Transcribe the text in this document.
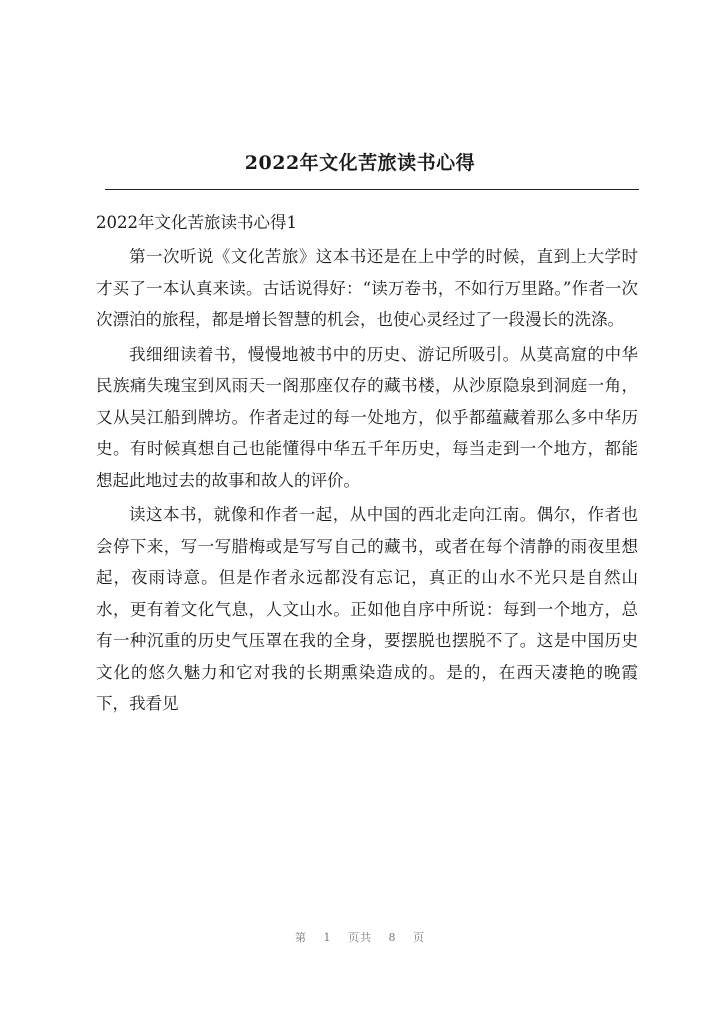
2022年文化苦旅读书心得

2022年文化苦旅读书心得1

第一次听说《文化苦旅》这本书还是在上中学的时候，直到上大学时才买了一本认真来读。古话说得好：“读万卷书，不如行万里路。”作者一次次漂泊的旅程，都是增长智慧的机会，也使心灵经过了一段漫长的洗涤。

我细细读着书，慢慢地被书中的历史、游记所吸引。从莫高窟的中华民族痛失瑰宝到风雨天一阁那座仅存的藏书楼，从沙原隐泉到洞庭一角，又从吴江船到牌坊。作者走过的每一处地方，似乎都蕴藏着那么多中华历史。有时候真想自己也能懂得中华五千年历史，每当走到一个地方，都能想起此地过去的故事和故人的评价。

读这本书，就像和作者一起，从中国的西北走向江南。偶尔，作者也会停下来，写一写腊梅或是写写自己的藏书，或者在每个清静的雨夜里想起，夜雨诗意。但是作者永远都没有忘记，真正的山水不光只是自然山水，更有着文化气息，人文山水。正如他自序中所说：每到一个地方，总有一种沉重的历史气压罩在我的全身，要摆脱也摆脱不了。这是中国历史文化的悠久魅力和它对我的长期熏染造成的。是的，在西天凄艳的晚霞下，我看见

第 1 页共 8 页
